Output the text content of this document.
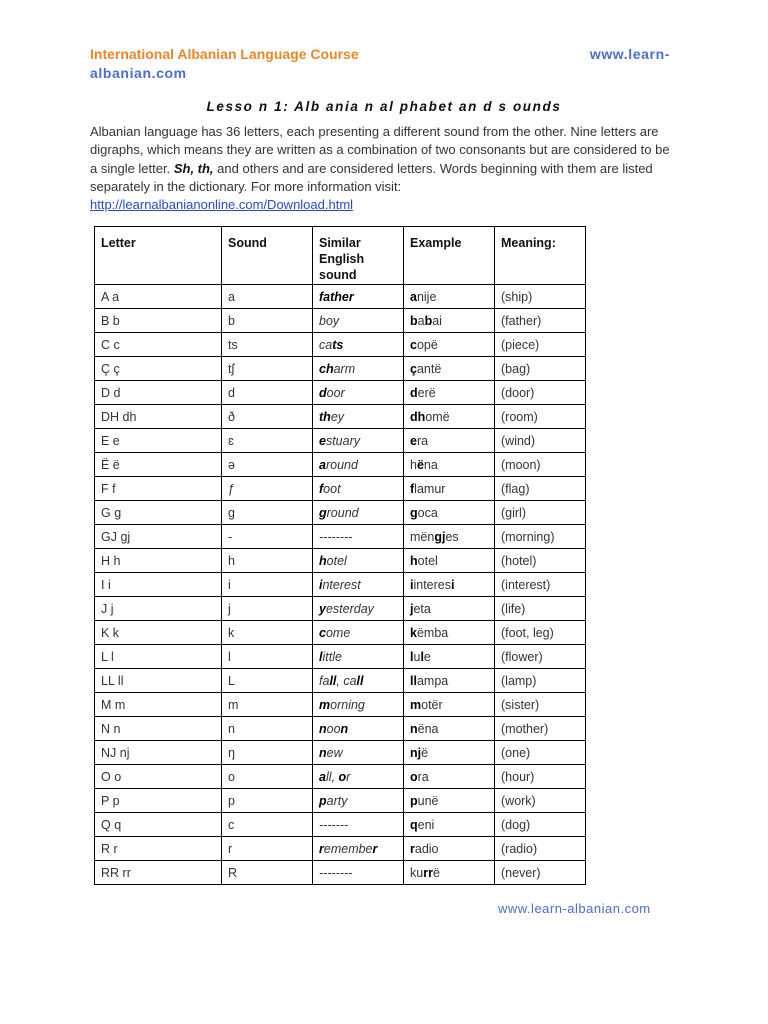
International Albanian Language Course	www.learn-
albanian.com
Lesso n 1: Alb ania n al phabet an d s ounds
Albanian language has 36 letters, each presenting a different sound from the other. Nine letters are digraphs, which means they are written as a combination of two consonants but are considered to be a single letter. Sh, th, and others and are considered letters. Words beginning with them are listed separately in the dictionary. For more information visit:
http://learnalbanianonline.com/Download.html
Letter	Sound	Similar English sound	Example	Meaning:
A a	a	father	anije	(ship)
B b	b	boy	babai	(father)
C c	ts	cats	copë	(piece)
Ç ç	tʃ	charm	çantë	(bag)
D d	d	door	derë	(door)
DH dh	ð	they	dhomë	(room)
E e	ɛ	estuary	era	(wind)
Ë ë	ə	around	hëna	(moon)
F f	ƒ	foot	flamur	(flag)
G g	g	ground	goca	(girl)
GJ gj	-	--------	mëngjes	(morning)
H h	h	hotel	hotel	(hotel)
I i	i	interest	iinteresi	(interest)
J j	j	yesterday	jeta	(life)
K k	k	come	këmba	(foot, leg)
L l	l	little	lule	(flower)
LL ll	L	fall, call	llampa	(lamp)
M m	m	morning	motër	(sister)
N n	n	noon	nëna	(mother)
NJ nj	ŋ	new	një	(one)
O o	o	all, or	ora	(hour)
P p	p	party	punë	(work)
Q q	c	-------	qeni	(dog)
R r	r	remember	radio	(radio)
RR rr	R	--------	kurrë	(never)
www.learn-albanian.com
